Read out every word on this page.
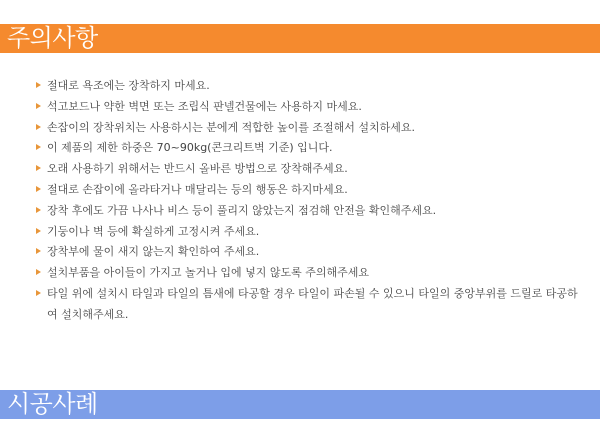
주의사항
절대로 욕조에는 장착하지 마세요.
석고보드나 약한 벽면 또는 조립식 판넬건물에는 사용하지 마세요.
손잡이의 장착위치는 사용하시는 분에게 적합한 높이를 조절해서 설치하세요.
이 제품의 제한 하중은 70~90kg(콘크리트벽 기준) 입니다.
오래 사용하기 위해서는 반드시 올바른 방법으로 장착해주세요.
절대로 손잡이에 올라타거나 매달리는 등의 행동은 하지마세요.
장착 후에도 가끔 나사나 비스 등이 풀리지 않았는지 점검해 안전을 확인해주세요.
기둥이나 벽 등에 확실하게 고정시켜 주세요.
장착부에 물이 새지 않는지 확인하여 주세요.
설치부품을 아이들이 가지고 놀거나 입에 넣지 않도록 주의해주세요
타일 위에 설치시 타일과 타일의 틈새에 타공할 경우 타일이 파손될 수 있으니 타일의 중앙부위를 드릴로 타공하여 설치해주세요.
시공사례
